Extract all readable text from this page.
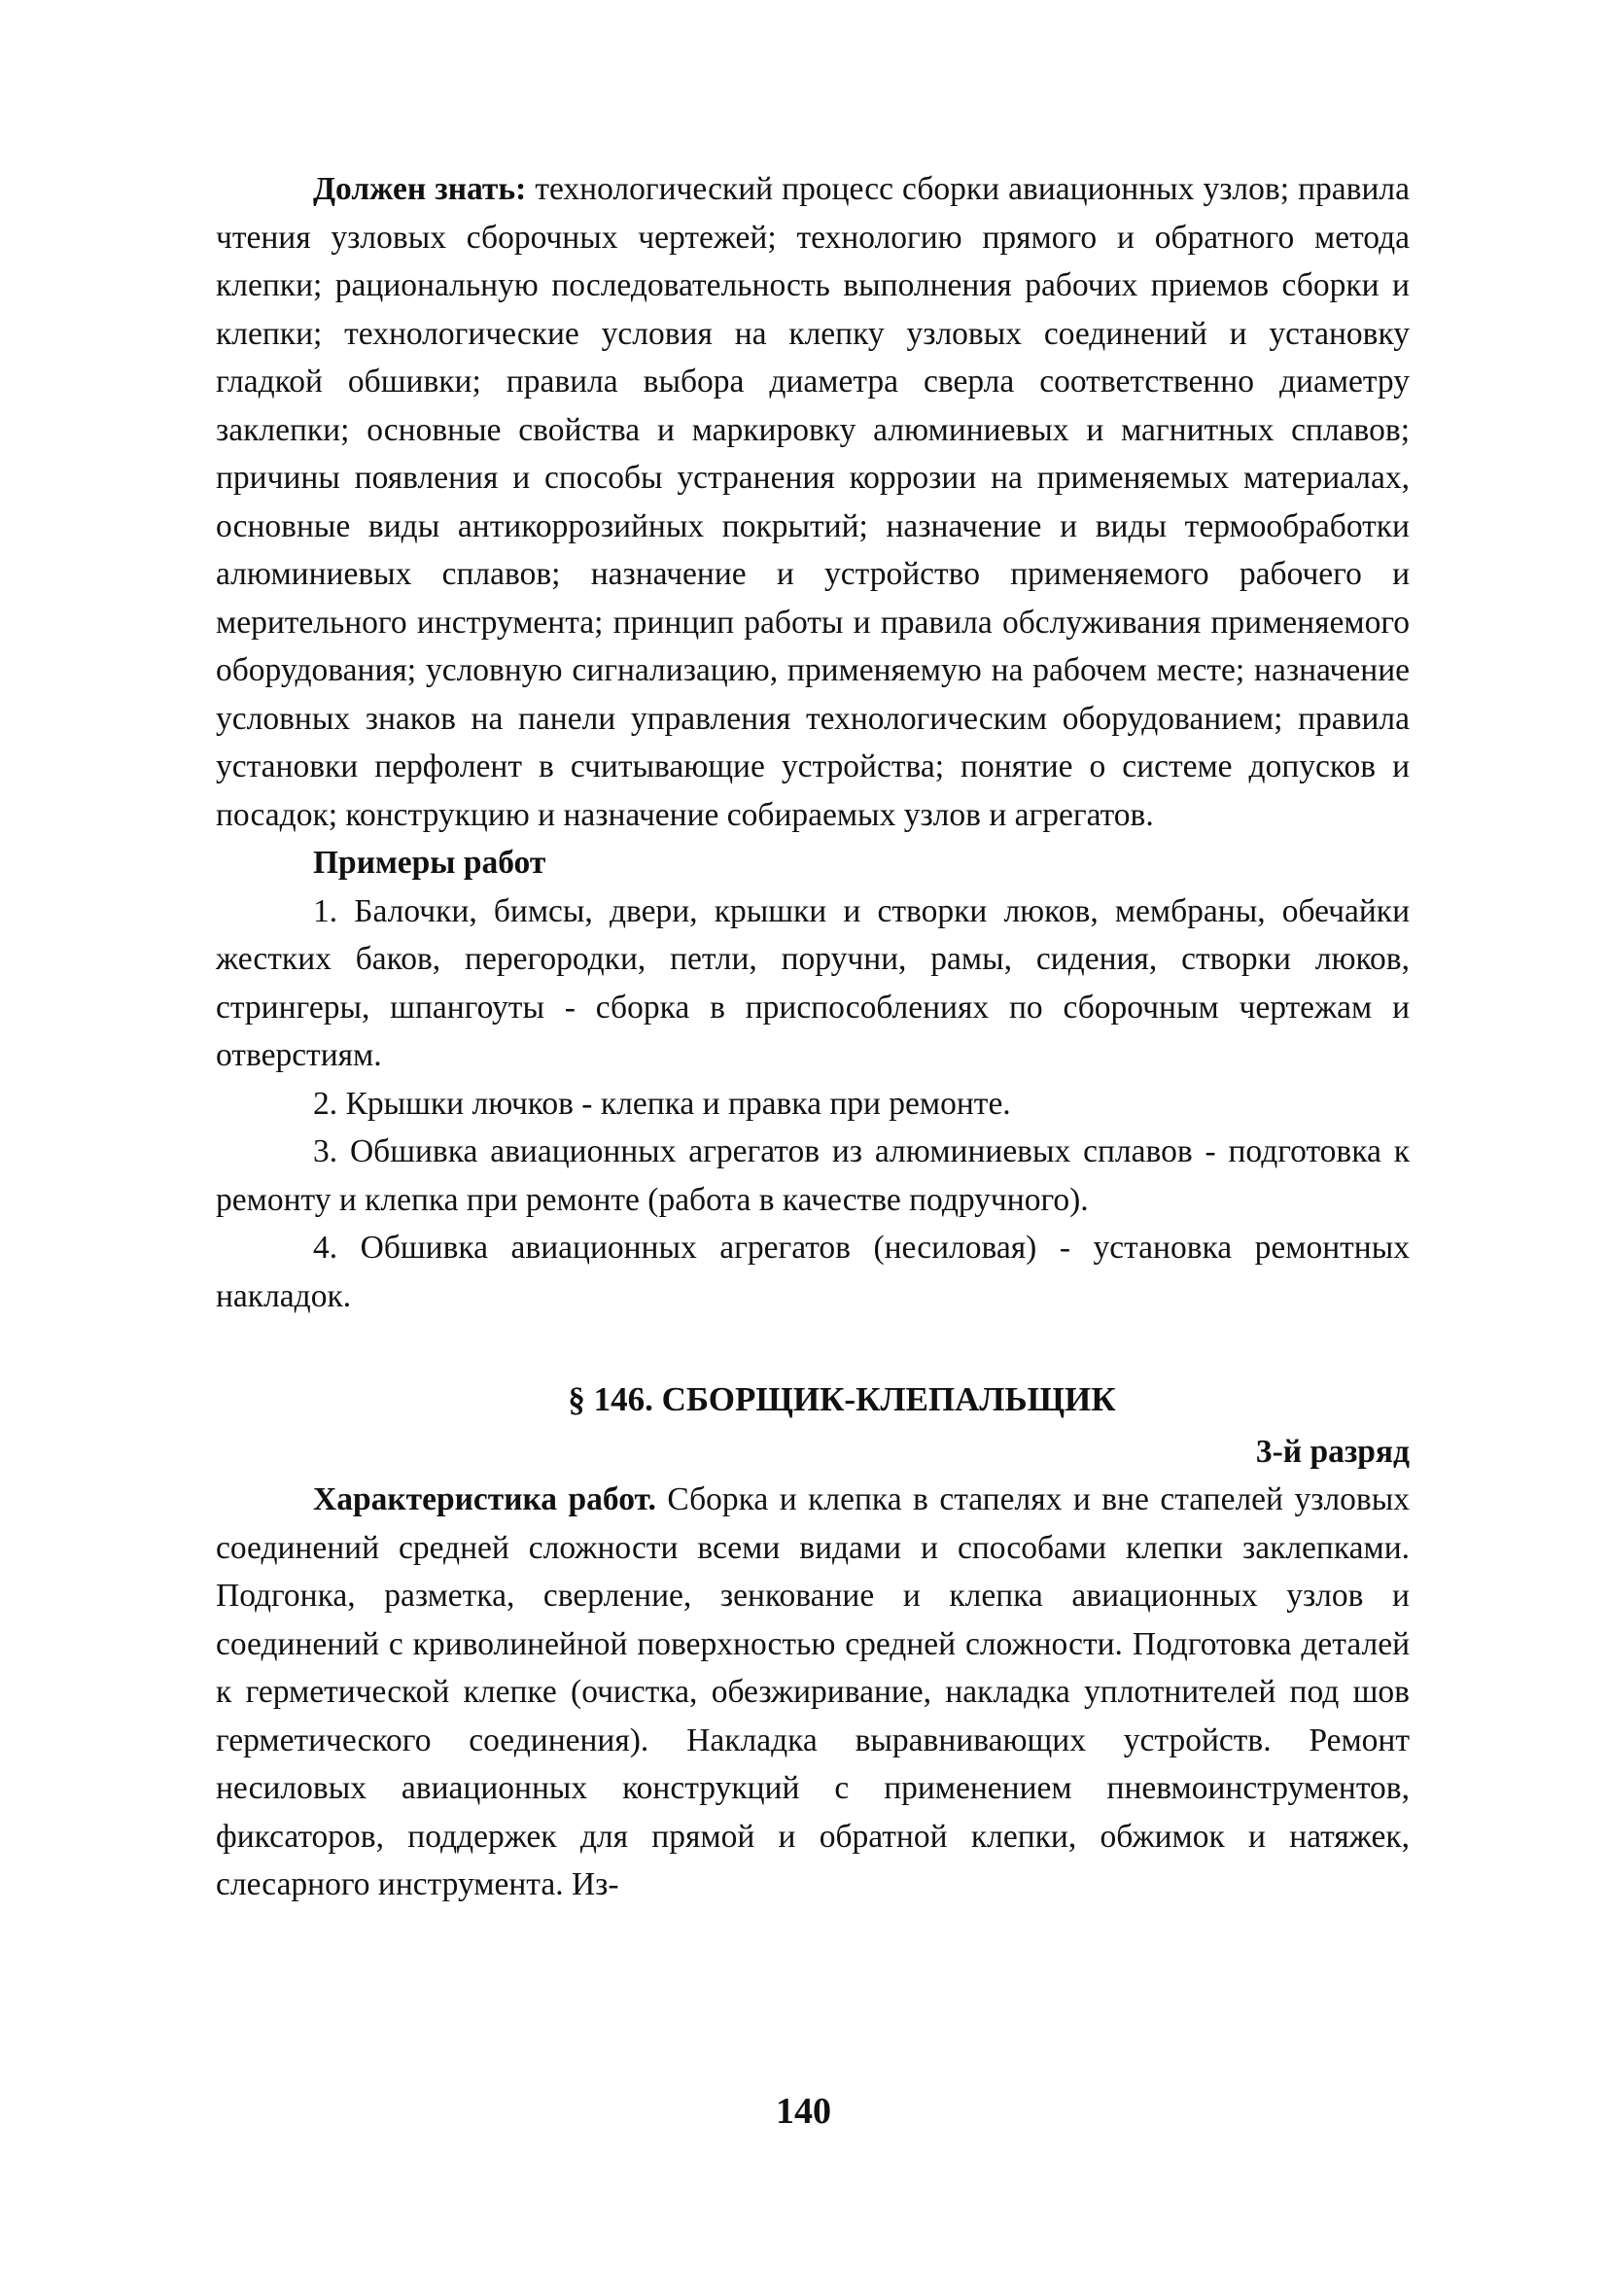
Должен знать: технологический процесс сборки авиационных узлов; правила чтения узловых сборочных чертежей; технологию прямого и обратного метода клепки; рациональную последовательность выполнения рабочих приемов сборки и клепки; технологические условия на клепку узловых соединений и установку гладкой обшивки; правила выбора диаметра сверла соответственно диаметру заклепки; основные свойства и маркировку алюминиевых и магнитных сплавов; причины появления и способы устранения коррозии на применяемых материалах, основные виды антикоррозийных покрытий; назначение и виды термообработки алюминиевых сплавов; назначение и устройство применяемого рабочего и мерительного инструмента; принцип работы и правила обслуживания применяемого оборудования; условную сигнализацию, применяемую на рабочем месте; назначение условных знаков на панели управления технологическим оборудованием; правила установки перфолент в считывающие устройства; понятие о системе допусков и посадок; конструкцию и назначение собираемых узлов и агрегатов.

Примеры работ

1. Балочки, бимсы, двери, крышки и створки люков, мембраны, обечайки жестких баков, перегородки, петли, поручни, рамы, сидения, створки люков, стрингеры, шпангоуты - сборка в приспособлениях по сборочным чертежам и отверстиям.

2. Крышки лючков - клепка и правка при ремонте.

3. Обшивка авиационных агрегатов из алюминиевых сплавов - подготовка к ремонту и клепка при ремонте (работа в качестве подручного).

4. Обшивка авиационных агрегатов (несиловая) - установка ремонтных накладок.

§ 146. СБОРЩИК-КЛЕПАЛЬЩИК

3-й разряд

Характеристика работ. Сборка и клепка в стапелях и вне стапелей узловых соединений средней сложности всеми видами и способами клепки заклепками. Подгонка, разметка, сверление, зенкование и клепка авиационных узлов и соединений с криволинейной поверхностью средней сложности. Подготовка деталей к герметической клепке (очистка, обезжиривание, накладка уплотнителей под шов герметического соединения). Накладка выравнивающих устройств. Ремонт несиловых авиационных конструкций с применением пневмоинструментов, фиксаторов, поддержек для прямой и обратной клепки, обжимок и натяжек, слесарного инструмента. Из-

140
